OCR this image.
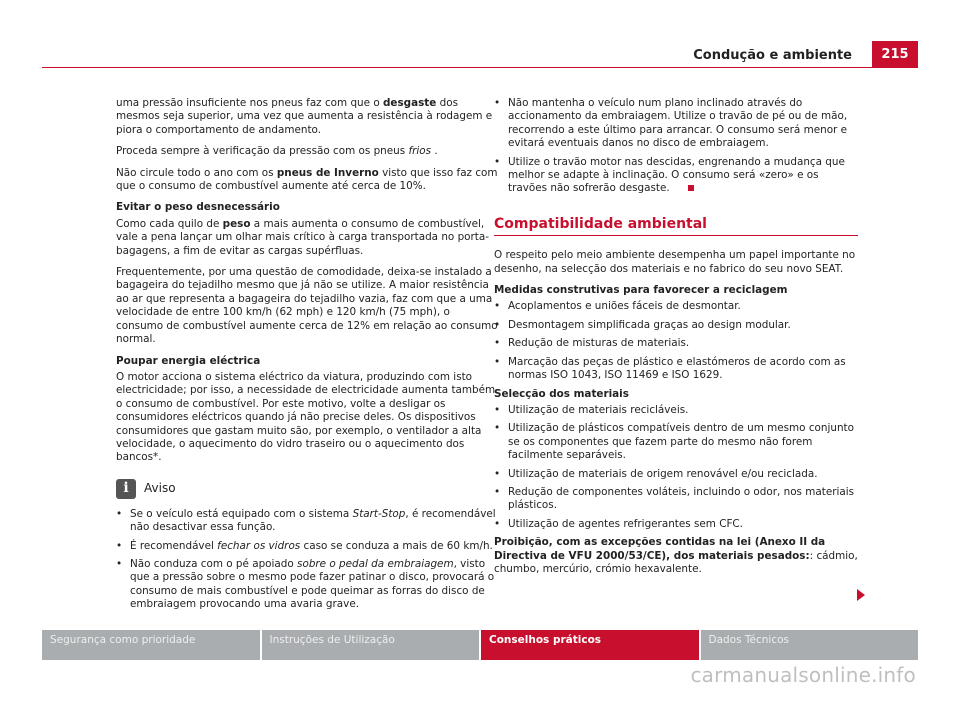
Condução e ambiente	215

uma pressão insuficiente nos pneus faz com que o desgaste dos mesmos seja superior, uma vez que aumenta a resistência à rodagem e piora o comportamento de andamento.

Proceda sempre à verificação da pressão com os pneus frios .

Não circule todo o ano com os pneus de Inverno visto que isso faz com que o consumo de combustível aumente até cerca de 10%.

Evitar o peso desnecessário

Como cada quilo de peso a mais aumenta o consumo de combustível, vale a pena lançar um olhar mais crítico à carga transportada no porta-bagagens, a fim de evitar as cargas supérfluas.

Frequentemente, por uma questão de comodidade, deixa-se instalado a bagageira do tejadilho mesmo que já não se utilize. A maior resistência ao ar que representa a bagageira do tejadilho vazia, faz com que a uma velocidade de entre 100 km/h (62 mph) e 120 km/h (75 mph), o consumo de combustível aumente cerca de 12% em relação ao consumo normal.

Poupar energia eléctrica

O motor acciona o sistema eléctrico da viatura, produzindo com isto electricidade; por isso, a necessidade de electricidade aumenta também o consumo de combustível. Por este motivo, volte a desligar os consumidores eléctricos quando já não precise deles. Os dispositivos consumidores que gastam muito são, por exemplo, o ventilador a alta velocidade, o aquecimento do vidro traseiro ou o aquecimento dos bancos*.

i	Aviso
• Se o veículo está equipado com o sistema Start-Stop, é recomendável não desactivar essa função.
• É recomendável fechar os vidros caso se conduza a mais de 60 km/h.
• Não conduza com o pé apoiado sobre o pedal da embraiagem, visto que a pressão sobre o mesmo pode fazer patinar o disco, provocará o consumo de mais combustível e pode queimar as forras do disco de embraiagem provocando uma avaria grave.
• Não mantenha o veículo num plano inclinado através do accionamento da embraiagem. Utilize o travão de pé ou de mão, recorrendo a este último para arrancar. O consumo será menor e evitará eventuais danos no disco de embraiagem.
• Utilize o travão motor nas descidas, engrenando a mudança que melhor se adapte à inclinação. O consumo será «zero» e os travões não sofrerão desgaste.
Compatibilidade ambiental

O respeito pelo meio ambiente desempenha um papel importante no desenho, na selecção dos materiais e no fabrico do seu novo SEAT.

Medidas construtivas para favorecer a reciclagem
• Acoplamentos e uniões fáceis de desmontar.
• Desmontagem simplificada graças ao design modular.
• Redução de misturas de materiais.
• Marcação das peças de plástico e elastómeros de acordo com as normas ISO 1043, ISO 11469 e ISO 1629.
Selecção dos materiais
• Utilização de materiais recicláveis.
• Utilização de plásticos compatíveis dentro de um mesmo conjunto se os componentes que fazem parte do mesmo não forem facilmente separáveis.
• Utilização de materiais de origem renovável e/ou reciclada.
• Redução de componentes voláteis, incluindo o odor, nos materiais plásticos.
• Utilização de agentes refrigerantes sem CFC.

Proibição, com as excepções contidas na lei (Anexo II da Directiva de VFU 2000/53/CE), dos materiais pesados:: cádmio, chumbo, mercúrio, crómio hexavalente.

Segurança como prioridade	Instruções de Utilização	Conselhos práticos	Dados Técnicos
carmanualsonline.info
